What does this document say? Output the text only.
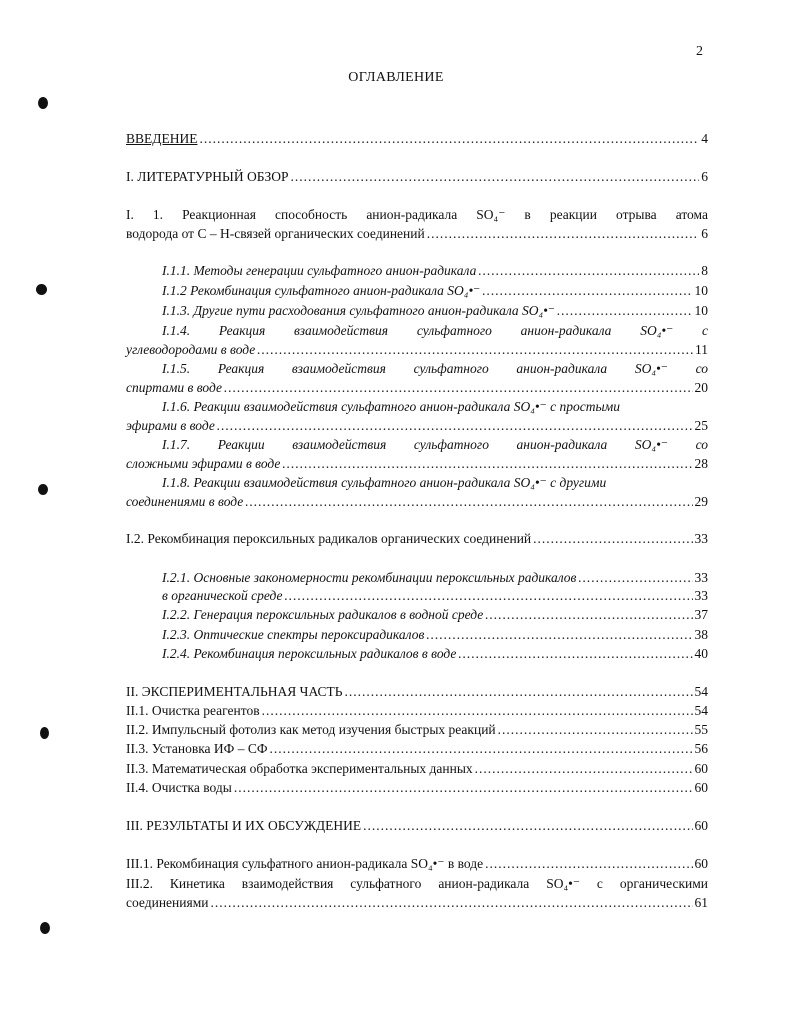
2
ОГЛАВЛЕНИЕ
ВВЕДЕНИЕ .....	4
I. ЛИТЕРАТУРНЫЙ ОБЗОР .....	6
I. 1. Реакционная способность анион-радикала SO₄⁻ в реакции отрыва атома
водорода от С – Н-связей органических соединений .....	6
I.1.1. Методы генерации сульфатного анион-радикала .....	8
I.1.2 Рекомбинация сульфатного анион-радикала SO₄•⁻ .....	10
I.1.3. Другие пути расходования сульфатного анион-радикала SO₄•⁻ .....	10
I.1.4. Реакция взаимодействия сульфатного анион-радикала SO₄•⁻ с
углеводородами в воде .....	11
I.1.5. Реакция взаимодействия сульфатного анион-радикала SO₄•⁻ со
спиртами в воде .....	20
I.1.6. Реакции взаимодействия сульфатного анион-радикала SO₄•⁻ с простыми
эфирами в воде .....	25
I.1.7. Реакции взаимодействия сульфатного анион-радикала SO₄•⁻ со
сложными эфирами в воде .....	28
I.1.8. Реакции взаимодействия сульфатного анион-радикала SO₄•⁻ с другими
соединениями в воде .....	29
I.2. Рекомбинация пероксильных радикалов органических соединений .....	33
I.2.1. Основные закономерности рекомбинации пероксильных радикалов .....	33
в органической среде .....	33
I.2.2. Генерация пероксильных радикалов в водной среде .....	37
I.2.3. Оптические спектры пероксирадикалов .....	38
I.2.4. Рекомбинация пероксильных радикалов в воде .....	40
II. ЭКСПЕРИМЕНТАЛЬНАЯ ЧАСТЬ .....	54
II.1. Очистка реагентов .....	54
II.2. Импульсный фотолиз как метод изучения быстрых реакций .....	55
II.3. Установка ИФ – СФ .....	56
II.3. Математическая обработка экспериментальных данных .....	60
II.4. Очистка воды .....	60
III. РЕЗУЛЬТАТЫ И ИХ ОБСУЖДЕНИЕ .....	60
III.1. Рекомбинация сульфатного анион-радикала SO₄•⁻ в воде .....	60
III.2. Кинетика взаимодействия сульфатного анион-радикала SO₄•⁻ с органическими
соединениями .....	61
